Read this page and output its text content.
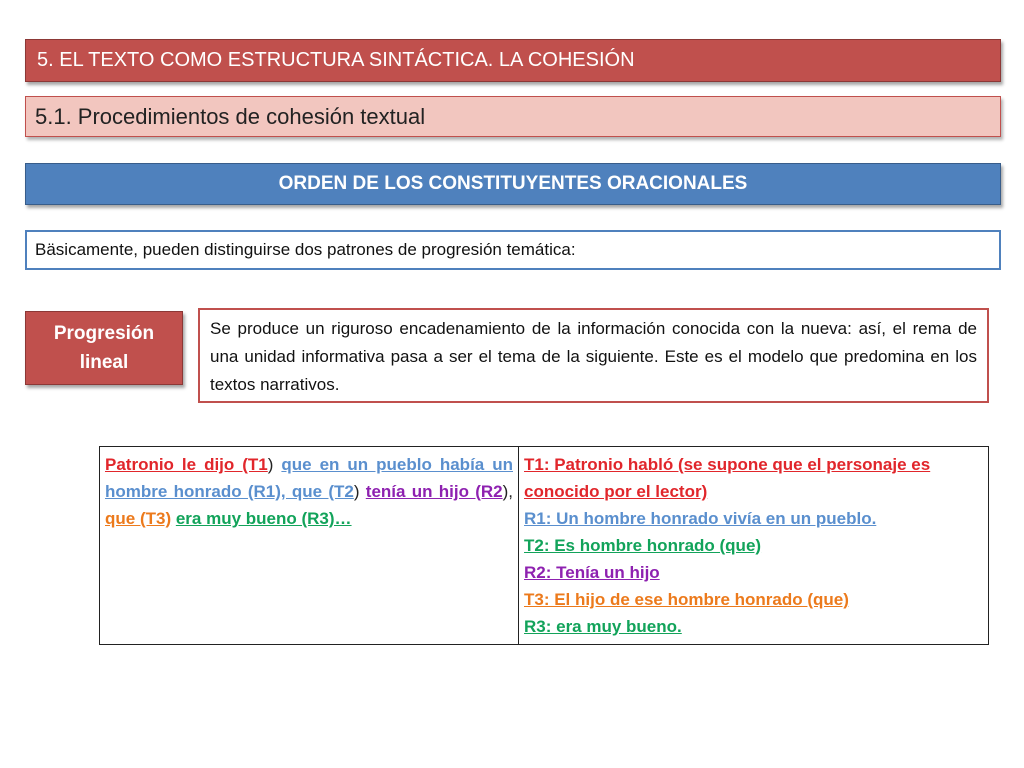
5. EL TEXTO COMO ESTRUCTURA SINTÁCTICA. LA COHESIÓN
5.1. Procedimientos de cohesión textual
ORDEN DE LOS CONSTITUYENTES ORACIONALES
Bäsicamente, pueden distinguirse dos patrones de progresión temática:
Progresión
lineal
Se produce un riguroso encadenamiento de la información conocida con la nueva: así, el rema de una unidad informativa pasa a ser el tema de la siguiente. Este es el modelo que predomina en los textos narrativos.
Patronio le dijo (T1) que en un pueblo había un hombre honrado (R1), que (T2) tenía un hijo (R2), que (T3) era muy bueno (R3)…	
T1: Patronio habló (se supone que el personaje es conocido por el lector)
R1: Un hombre honrado vivía en un pueblo.
T2: Es hombre honrado (que)
R2: Tenía un hijo
T3: El hijo de ese hombre honrado (que)
R3: era muy bueno.
